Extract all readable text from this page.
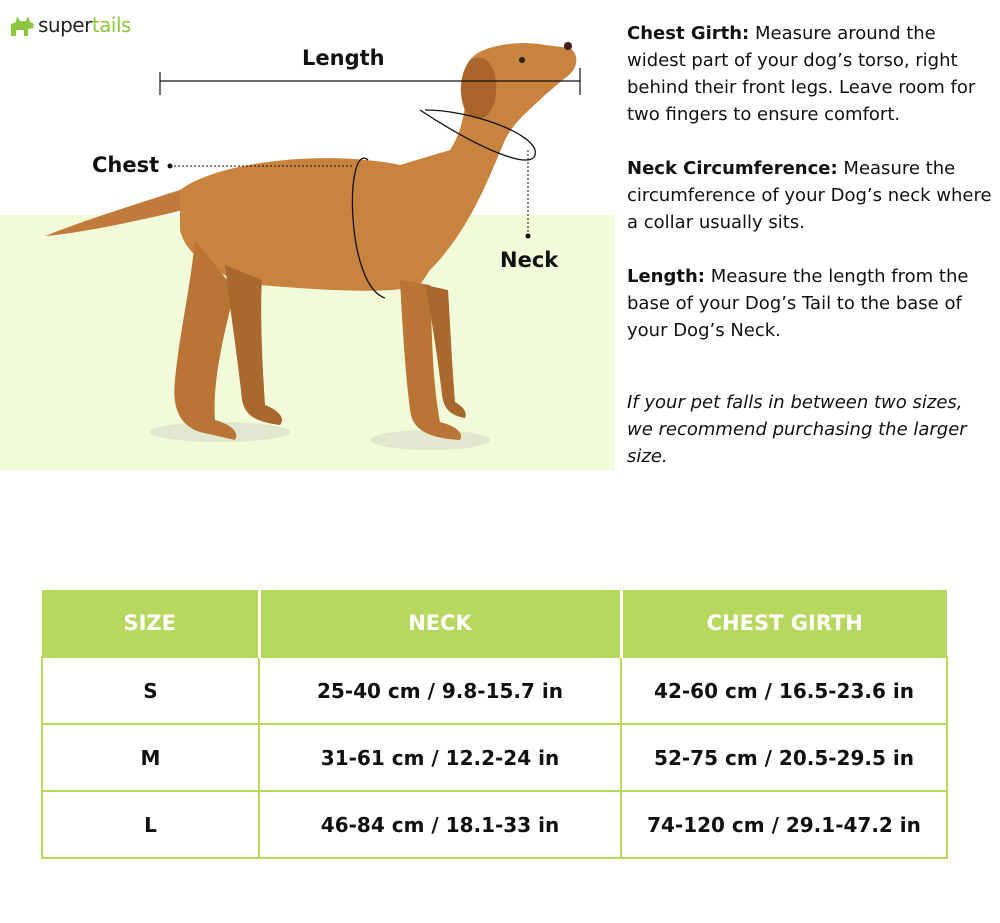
supertails
Length
Chest
Neck

Chest Girth: Measure around the widest part of your dog’s torso, right behind their front legs. Leave room for two fingers to ensure comfort.

Neck Circumference: Measure the circumference of your Dog’s neck where a collar usually sits.

Length: Measure the length from the base of your Dog’s Tail to the base of your Dog’s Neck.

If your pet falls in between two sizes, we recommend purchasing the larger size.

SIZE	NECK	CHEST GIRTH
S	25-40 cm / 9.8-15.7 in	42-60 cm / 16.5-23.6 in
M	31-61 cm / 12.2-24 in	52-75 cm / 20.5-29.5 in
L	46-84 cm / 18.1-33 in	74-120 cm / 29.1-47.2 in
